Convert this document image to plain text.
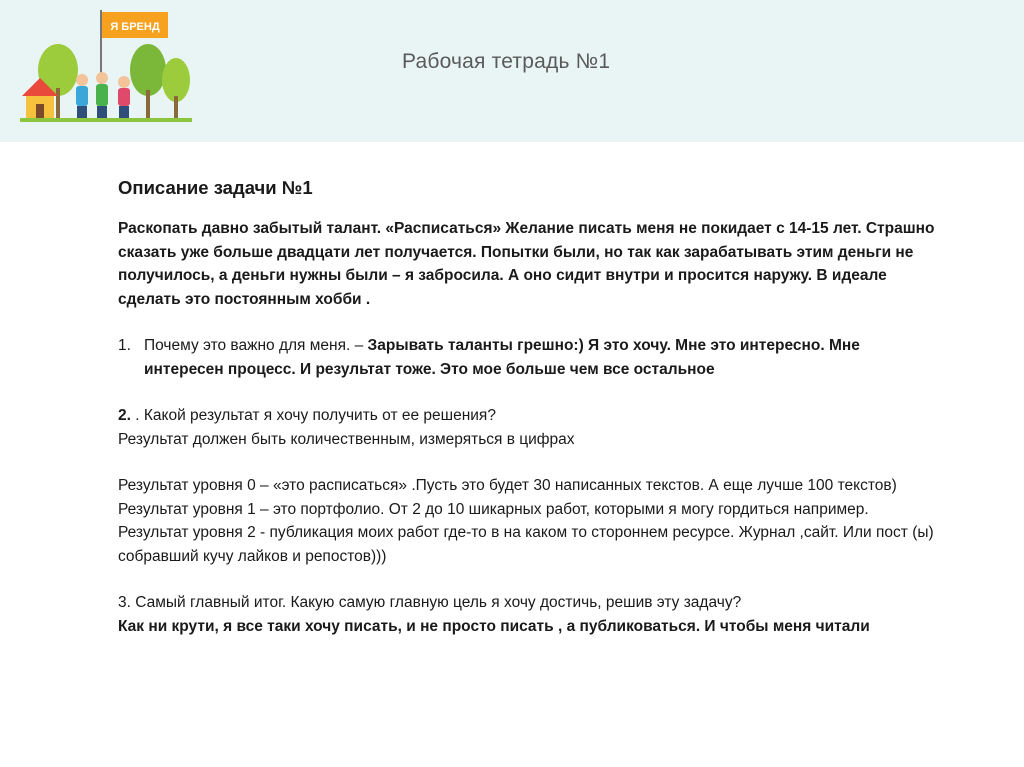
Я БРЕНД
Рабочая тетрадь №1

Описание задачи №1

Раскопать давно забытый талант. «Расписаться» Желание писать меня не покидает с 14-15 лет. Страшно сказать уже больше двадцати лет получается. Попытки были, но так как зарабатывать этим деньги не получилось, а деньги нужны были – я забросила. А оно сидит внутри и просится наружу. В идеале сделать это постоянным хобби .

1. Почему это важно для меня. – Зарывать таланты грешно:) Я это хочу. Мне это интересно. Мне интересен процесс. И результат тоже. Это мое больше чем все остальное

2. . Какой результат я хочу получить от ее решения?

Результат должен быть количественным, измеряться в цифрах

Результат уровня 0 – «это расписаться» .Пусть это будет 30 написанных текстов. А еще лучше 100 текстов)

Результат уровня 1 – это портфолио. От 2 до 10 шикарных работ, которыми я могу гордиться например.

Результат уровня 2 - публикация моих работ где-то в на каком то стороннем ресурсе. Журнал ,сайт. Или пост (ы) собравший кучу лайков и репостов)))

3. Самый главный итог. Какую самую главную цель я хочу достичь, решив эту задачу?

Как ни крути, я все таки хочу писать, и не просто писать , а публиковаться. И чтобы меня читали
